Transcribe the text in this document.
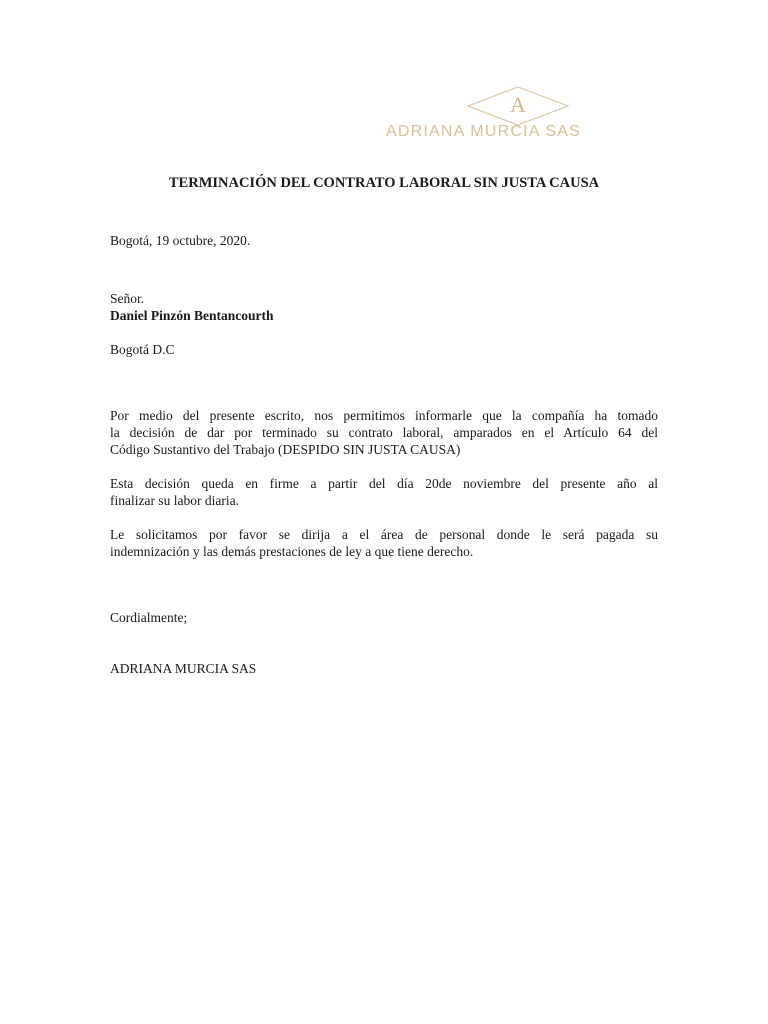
A
ADRIANA MURCIA SAS
TERMINACIÓN DEL CONTRATO LABORAL SIN JUSTA CAUSA
Bogotá, 19 octubre, 2020.
Señor.
Daniel Pinzón Bentancourth
Bogotá D.C
Por medio del presente escrito, nos permitimos informarle que la compañía ha tomado
la decisión de dar por terminado su contrato laboral, amparados en el Artículo 64 del
Código Sustantivo del Trabajo (DESPIDO SIN JUSTA CAUSA)
Esta decisión queda en firme a partir del día 20de noviembre del presente año al
finalizar su labor diaria.
Le solicitamos por favor se dirija a el área de personal donde le será pagada su
indemnización y las demás prestaciones de ley a que tiene derecho.
Cordialmente;
ADRIANA MURCIA SAS
